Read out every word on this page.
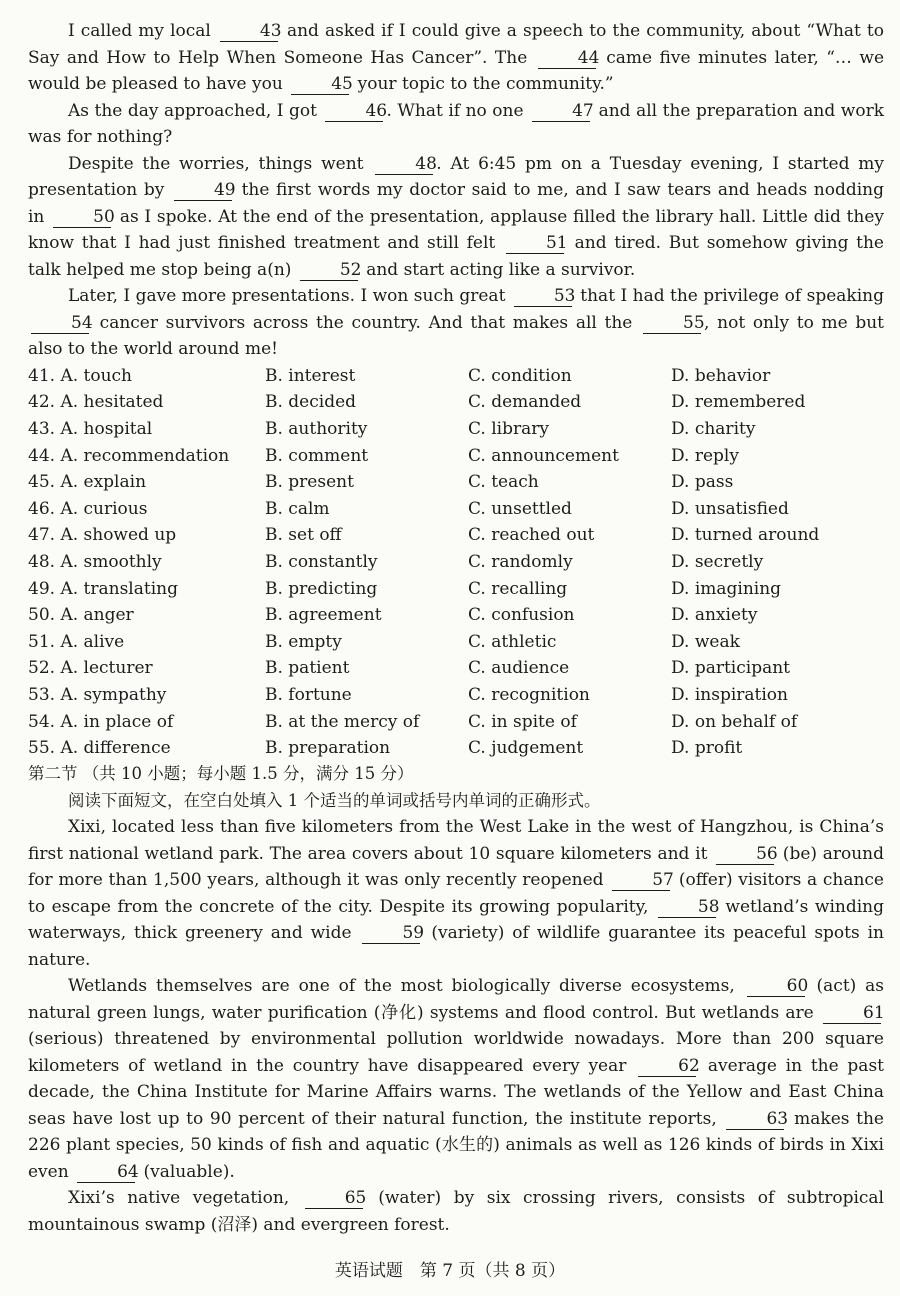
I called my local	43 and asked if I could give a speech to the community, about “What to Say and How to Help When Someone Has Cancer”. The	44 came five minutes later, “… we would be pleased to have you	45 your topic to the community.”

As the day approached, I got	46. What if no one	47 and all the preparation and work was for nothing?

Despite the worries, things went	48. At 6:45 pm on a Tuesday evening, I started my presentation by	49 the first words my doctor said to me, and I saw tears and heads nodding in	50 as I spoke. At the end of the presentation, applause filled the library hall. Little did they know that I had just finished treatment and still felt	51 and tired. But somehow giving the talk helped me stop being a(n)	52 and start acting like a survivor.

Later, I gave more presentations. I won such great	53 that I had the privilege of speaking 54 cancer survivors across the country. And that makes all the	55, not only to me but also to the world around me!

41. A. touch	B. interest	C. condition	D. behavior
42. A. hesitated	B. decided	C. demanded	D. remembered
43. A. hospital	B. authority	C. library	D. charity
44. A. recommendation	B. comment	C. announcement	D. reply
45. A. explain	B. present	C. teach	D. pass
46. A. curious	B. calm	C. unsettled	D. unsatisfied
47. A. showed up	B. set off	C. reached out	D. turned around
48. A. smoothly	B. constantly	C. randomly	D. secretly
49. A. translating	B. predicting	C. recalling	D. imagining
50. A. anger	B. agreement	C. confusion	D. anxiety
51. A. alive	B. empty	C. athletic	D. weak
52. A. lecturer	B. patient	C. audience	D. participant
53. A. sympathy	B. fortune	C. recognition	D. inspiration
54. A. in place of	B. at the mercy of	C. in spite of	D. on behalf of
55. A. difference	B. preparation	C. judgement	D. profit

第二节 （共 10 小题；每小题 1.5 分，满分 15 分）

阅读下面短文，在空白处填入 1 个适当的单词或括号内单词的正确形式。

Xixi, located less than five kilometers from the West Lake in the west of Hangzhou, is China’s first national wetland park. The area covers about 10 square kilometers and it	56 (be) around for more than 1,500 years, although it was only recently reopened	57 (offer) visitors a chance to escape from the concrete of the city. Despite its growing popularity,	58 wetland’s winding waterways, thick greenery and wide	59 (variety) of wildlife guarantee its peaceful spots in nature.

Wetlands themselves are one of the most biologically diverse ecosystems,	60 (act) as natural green lungs, water purification (净化) systems and flood control. But wetlands are	61 (serious) threatened by environmental pollution worldwide nowadays. More than 200 square kilometers of wetland in the country have disappeared every year	62 average in the past decade, the China Institute for Marine Affairs warns. The wetlands of the Yellow and East China seas have lost up to 90 percent of their natural function, the institute reports,	63 makes the 226 plant species, 50 kinds of fish and aquatic (水生的) animals as well as 126 kinds of birds in Xixi even	64 (valuable).

Xixi’s native vegetation,	65 (water) by six crossing rivers, consists of subtropical mountainous swamp (沼泽) and evergreen forest.

英语试题　第 7 页（共 8 页）
